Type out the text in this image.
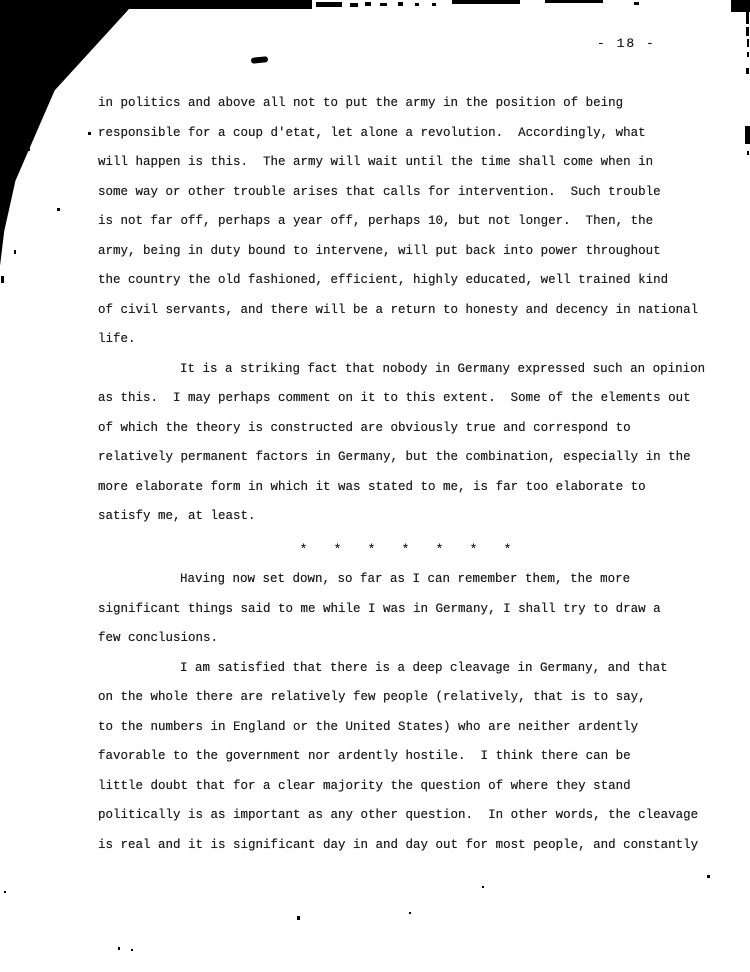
- 18 -
in politics and above all not to put the army in the position of being
responsible for a coup d'etat, let alone a revolution.  Accordingly, what
will happen is this.  The army will wait until the time shall come when in
some way or other trouble arises that calls for intervention.  Such trouble
is not far off, perhaps a year off, perhaps 10, but not longer.  Then, the
army, being in duty bound to intervene, will put back into power throughout
the country the old fashioned, efficient, highly educated, well trained kind
of civil servants, and there will be a return to honesty and decency in national
life.
It is a striking fact that nobody in Germany expressed such an opinion
as this.  I may perhaps comment on it to this extent.  Some of the elements out
of which the theory is constructed are obviously true and correspond to
relatively permanent factors in Germany, but the combination, especially in the
more elaborate form in which it was stated to me, is far too elaborate to
satisfy me, at least.
*   *   *   *   *   *   *
Having now set down, so far as I can remember them, the more
significant things said to me while I was in Germany, I shall try to draw a
few conclusions.
I am satisfied that there is a deep cleavage in Germany, and that
on the whole there are relatively few people (relatively, that is to say,
to the numbers in England or the United States) who are neither ardently
favorable to the government nor ardently hostile.  I think there can be
little doubt that for a clear majority the question of where they stand
politically is as important as any other question.  In other words, the cleavage
is real and it is significant day in and day out for most people, and constantly
